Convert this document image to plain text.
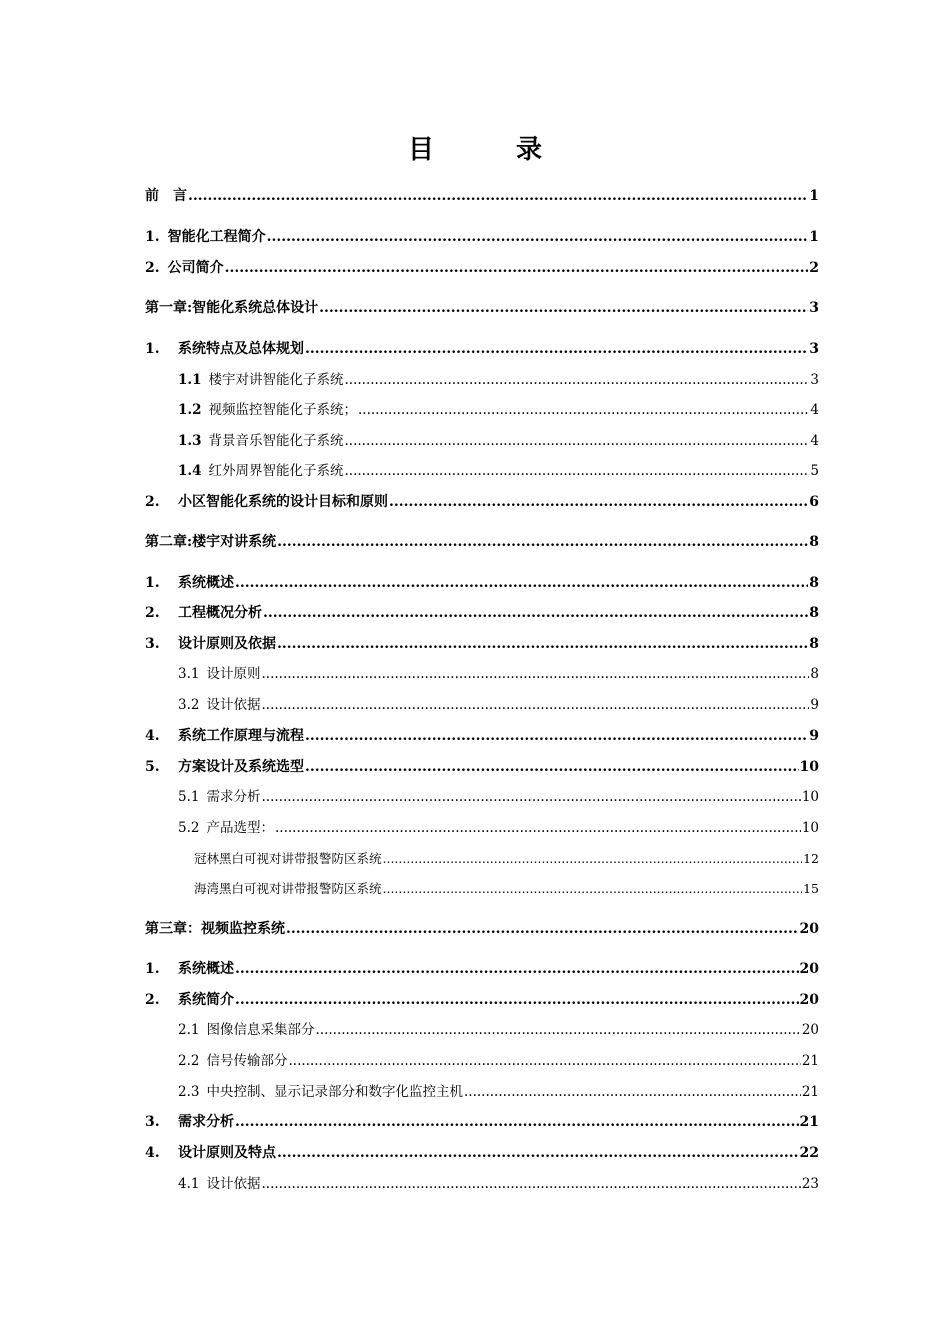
目　录
前　言 .....	1
1. 智能化工程简介 .....	1
2. 公司简介 .....	2
第一章:智能化系统总体设计 .....	3
1.	系统特点及总体规划 .....	3
1.1 楼宇对讲智能化子系统 .....	3
1.2 视频监控智能化子系统； .....	4
1.3 背景音乐智能化子系统 .....	4
1.4 红外周界智能化子系统 .....	5
2.	小区智能化系统的设计目标和原则 .....	6
第二章:楼宇对讲系统 .....	8
1.	系统概述 .....	8
2.	工程概况分析 .....	8
3.	设计原则及依据 .....	8
3.1 设计原则 .....	8
3.2 设计依据 .....	9
4.	系统工作原理与流程 .....	9
5.	方案设计及系统选型 .....	10
5.1 需求分析 .....	10
5.2 产品选型： .....	10
冠林黑白可视对讲带报警防区系统 .....	12
海湾黑白可视对讲带报警防区系统 .....	15
第三章：视频监控系统 .....	20
1.	系统概述 .....	20
2.	系统简介 .....	20
2.1 图像信息采集部分 .....	20
2.2 信号传输部分 .....	21
2.3 中央控制、显示记录部分和数字化监控主机 .....	21
3.	需求分析 .....	21
4.	设计原则及特点 .....	22
4.1 设计依据 .....	23
